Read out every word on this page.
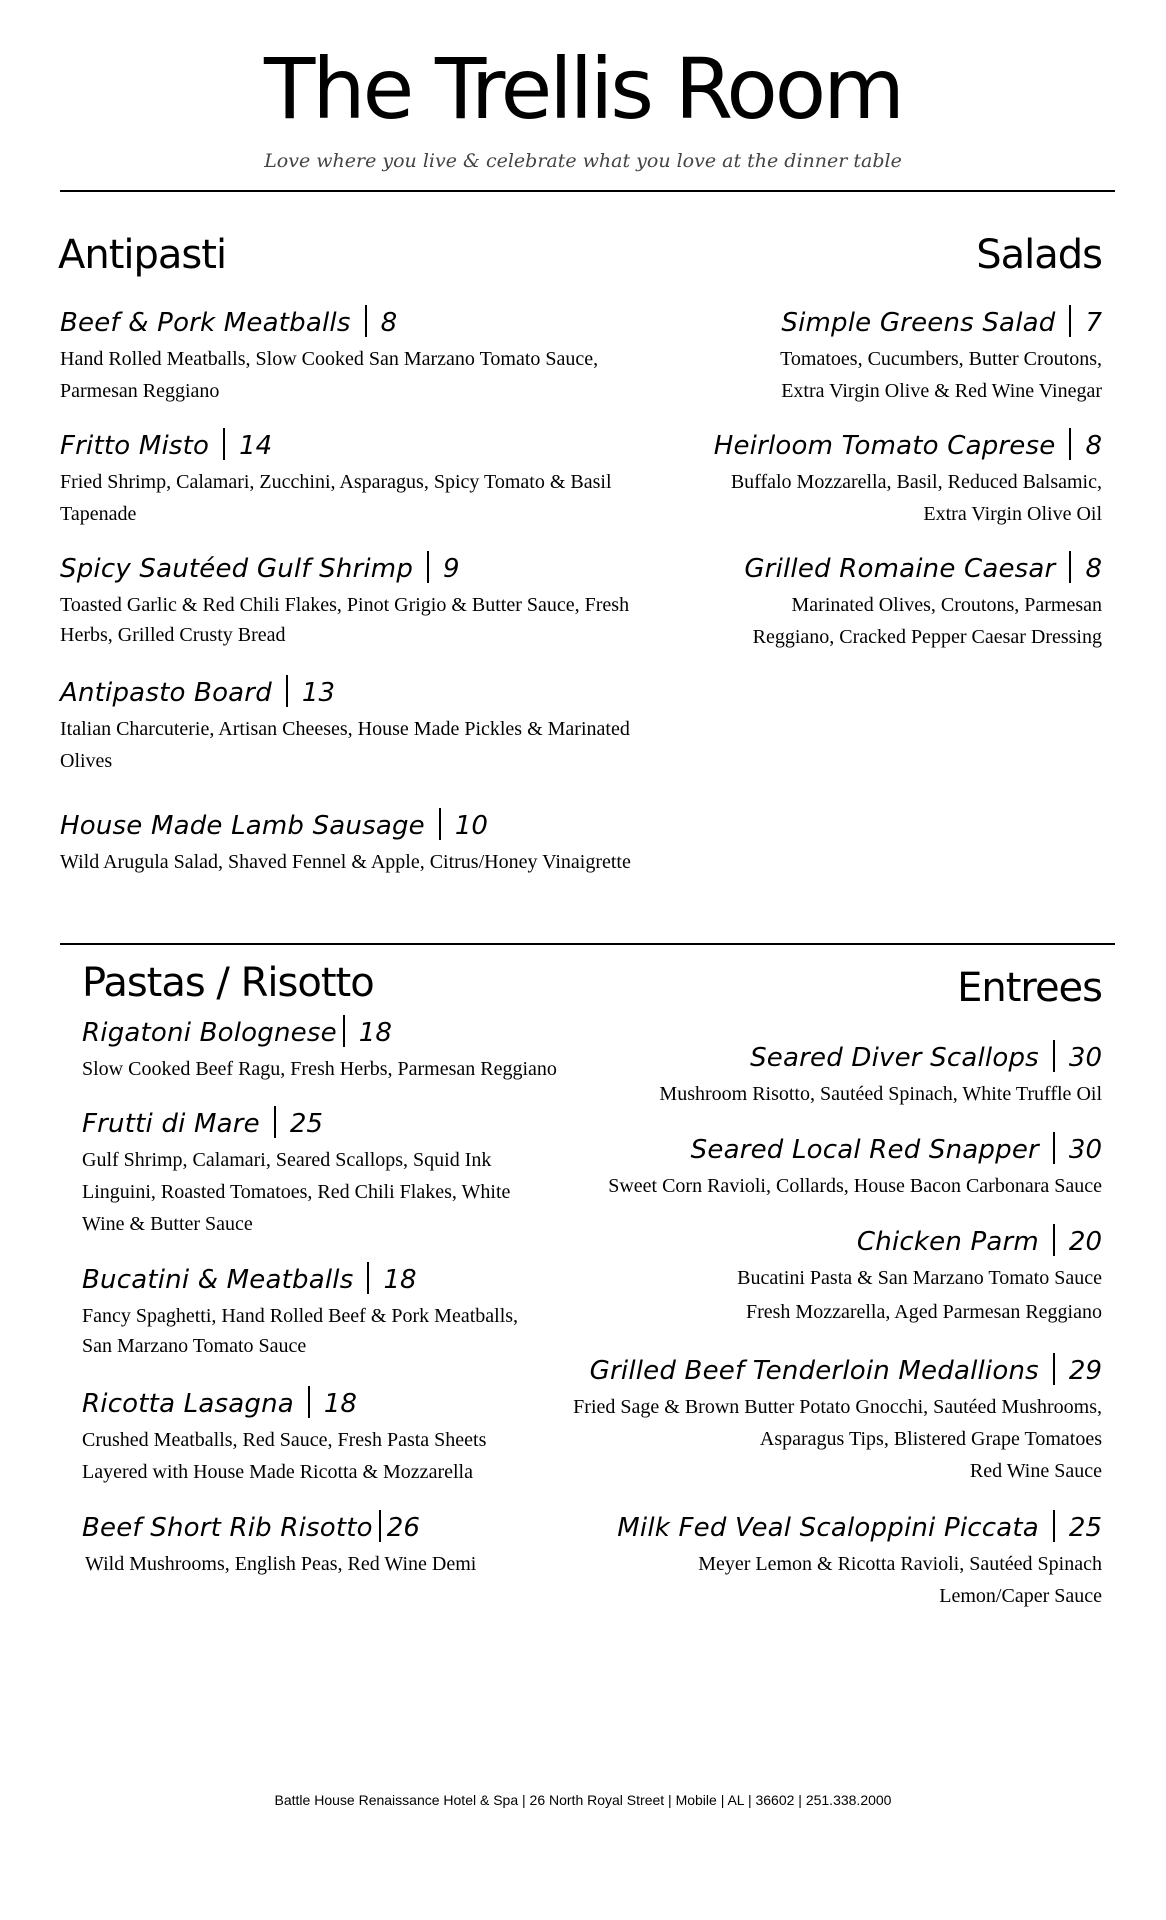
The Trellis Room
Love where you live & celebrate what you love at the dinner table
Antipasti
Beef & Pork Meatballs 8
Hand Rolled Meatballs, Slow Cooked San Marzano Tomato Sauce,
Parmesan Reggiano
Fritto Misto 14
Fried Shrimp, Calamari, Zucchini, Asparagus, Spicy Tomato & Basil
Tapenade
Spicy Sautéed Gulf Shrimp 9
Toasted Garlic & Red Chili Flakes, Pinot Grigio & Butter Sauce, Fresh
Herbs, Grilled Crusty Bread
Antipasto Board 13
Italian Charcuterie, Artisan Cheeses, House Made Pickles & Marinated
Olives
House Made Lamb Sausage 10
Wild Arugula Salad, Shaved Fennel & Apple, Citrus/Honey Vinaigrette
Salads
Simple Greens Salad 7
Tomatoes, Cucumbers, Butter Croutons,
Extra Virgin Olive & Red Wine Vinegar
Heirloom Tomato Caprese 8
Buffalo Mozzarella, Basil, Reduced Balsamic,
Extra Virgin Olive Oil
Grilled Romaine Caesar 8
Marinated Olives, Croutons, Parmesan
Reggiano, Cracked Pepper Caesar Dressing
Pastas / Risotto
Rigatoni Bolognese 18
Slow Cooked Beef Ragu, Fresh Herbs, Parmesan Reggiano
Frutti di Mare 25
Gulf Shrimp, Calamari, Seared Scallops, Squid Ink
Linguini, Roasted Tomatoes, Red Chili Flakes, White
Wine & Butter Sauce
Bucatini & Meatballs 18
Fancy Spaghetti, Hand Rolled Beef & Pork Meatballs,
San Marzano Tomato Sauce
Ricotta Lasagna 18
Crushed Meatballs, Red Sauce, Fresh Pasta Sheets
Layered with House Made Ricotta & Mozzarella
Beef Short Rib Risotto 26
Wild Mushrooms, English Peas, Red Wine Demi
Entrees
Seared Diver Scallops 30
Mushroom Risotto, Sautéed Spinach, White Truffle Oil
Seared Local Red Snapper 30
Sweet Corn Ravioli, Collards, House Bacon Carbonara Sauce
Chicken Parm 20
Bucatini Pasta & San Marzano Tomato Sauce
Fresh Mozzarella, Aged Parmesan Reggiano
Grilled Beef Tenderloin Medallions 29
Fried Sage & Brown Butter Potato Gnocchi, Sautéed Mushrooms,
Asparagus Tips, Blistered Grape Tomatoes
Red Wine Sauce
Milk Fed Veal Scaloppini Piccata 25
Meyer Lemon & Ricotta Ravioli, Sautéed Spinach
Lemon/Caper Sauce
Battle House Renaissance Hotel & Spa | 26 North Royal Street | Mobile | AL | 36602 | 251.338.2000
